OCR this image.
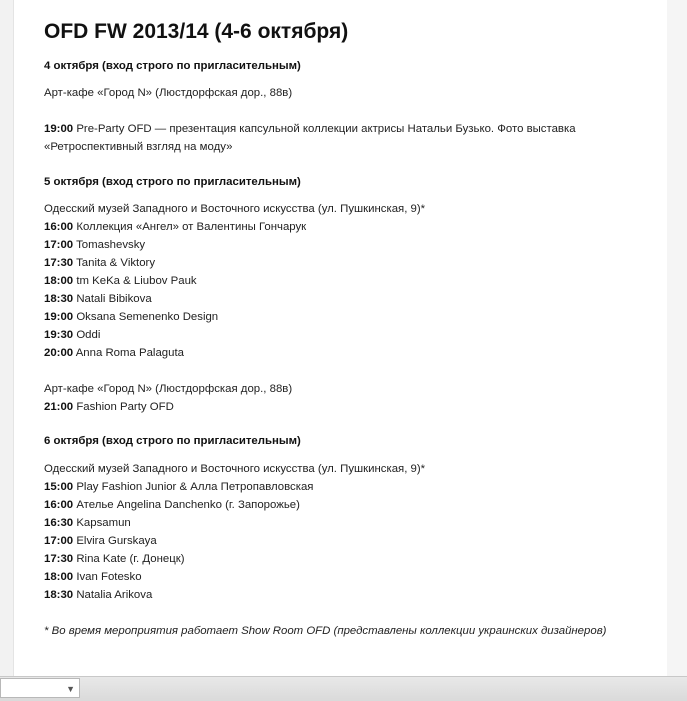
OFD FW 2013/14 (4-6 октября)
4 октября (вход строго по пригласительным)
Арт-кафе «Город N» (Люстдорфская дор., 88в)
19:00 Pre-Party OFD — презентация капсульной коллекции актрисы Натальи Бузько. Фото выставка «Ретроспективный взгляд на моду»
5 октября (вход строго по пригласительным)
Одесский музей Западного и Восточного искусства (ул. Пушкинская, 9)*
16:00 Коллекция «Ангел» от Валентины Гончарук
17:00 Tomashevsky
17:30 Tanita & Viktory
18:00 tm KeKa & Liubov Pauk
18:30 Natali Bibikova
19:00 Oksana Semenenko Design
19:30 Oddi
20:00 Anna Roma Palaguta
Арт-кафе «Город N» (Люстдорфская дор., 88в)
21:00 Fashion Party OFD
6 октября (вход строго по пригласительным)
Одесский музей Западного и Восточного искусства (ул. Пушкинская, 9)*
15:00 Play Fashion Junior & Алла Петропавловская
16:00 Ателье Angelina Danchenko (г. Запорожье)
16:30 Kapsamun
17:00 Elvira Gurskaya
17:30 Rina Kate (г. Донецк)
18:00 Ivan Fotesko
18:30 Natalia Arikova
* Во время мероприятия работает Show Room OFD (представлены коллекции украинских дизайнеров)
▼
